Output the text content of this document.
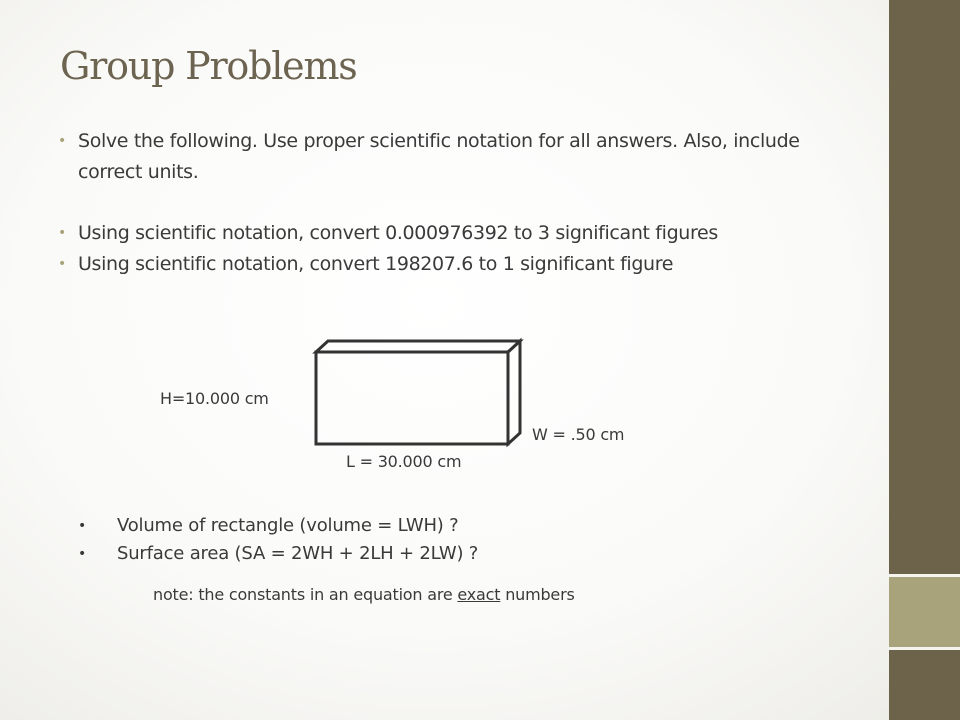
Group Problems
• Solve the following. Use proper scientific notation for all answers. Also, include correct units.
• Using scientific notation, convert 0.000976392 to 3 significant figures
• Using scientific notation, convert 198207.6 to 1 significant figure
H=10.000 cm
W = .50 cm
L = 30.000 cm
• Volume of rectangle (volume = LWH) ?
• Surface area (SA = 2WH + 2LH + 2LW) ?
note: the constants in an equation are exact numbers
